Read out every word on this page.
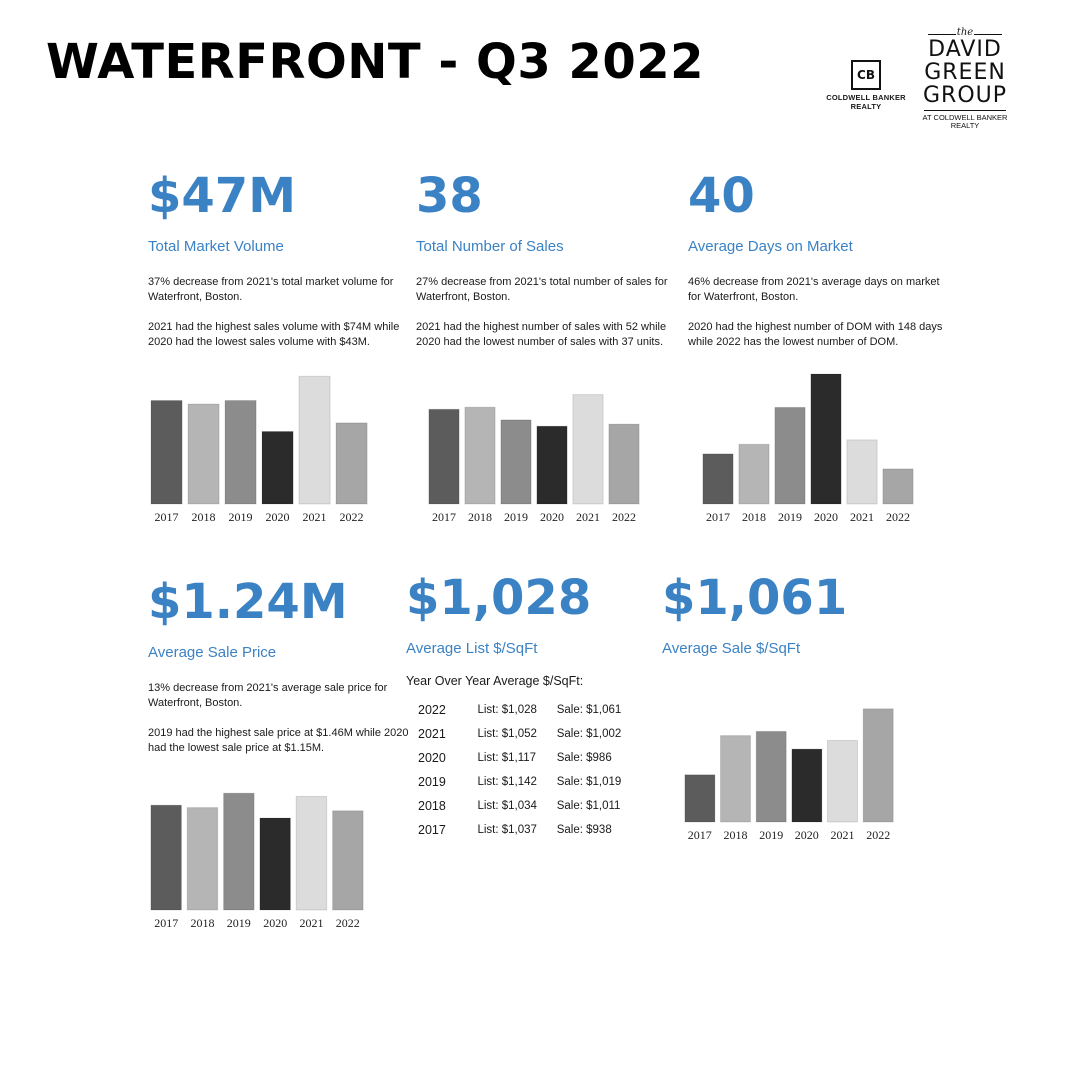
WATERFRONT - Q3 2022	CB
COLDWELL BANKER
REALTY
the
DAVID
GREEN
GROUP
AT COLDWELL BANKER
REALTY
$47M
Total Market Volume
37% decrease from 2021's total market volume for Waterfront, Boston.
2021 had the highest sales volume with $74M while 2020 had the lowest sales volume with $43M.
38
Total Number of Sales
27% decrease from 2021's total number of sales for Waterfront, Boston.
2021 had the highest number of sales with 52 while 2020 had the lowest number of sales with 37 units.
40
Average Days on Market
46% decrease from 2021's average days on market for Waterfront, Boston.
2020 had the highest number of DOM with 148 days while 2022 has the lowest number of DOM.
$1.24M
Average Sale Price
13% decrease from 2021's average sale price for Waterfront, Boston.
2019 had the highest sale price at $1.46M while 2020 had the lowest sale price at $1.15M.
$1,028
Average List $/SqFt
$1,061
Average Sale $/SqFt
Year Over Year Average $/SqFt:
2022	List: $1,028	Sale: $1,061
2021	List: $1,052	Sale: $1,002
2020	List: $1,117	Sale: $986
2019	List: $1,142	Sale: $1,019
2018	List: $1,034	Sale: $1,011
2017	List: $1,037	Sale: $938
2017 2018 2019 2020 2021 2022	2017 2018 2019 2020 2021 2022	2017 2018 2019 2020 2021 2022
2017 2018 2019 2020 2021 2022
2017 2018 2019 2020 2021 2022
